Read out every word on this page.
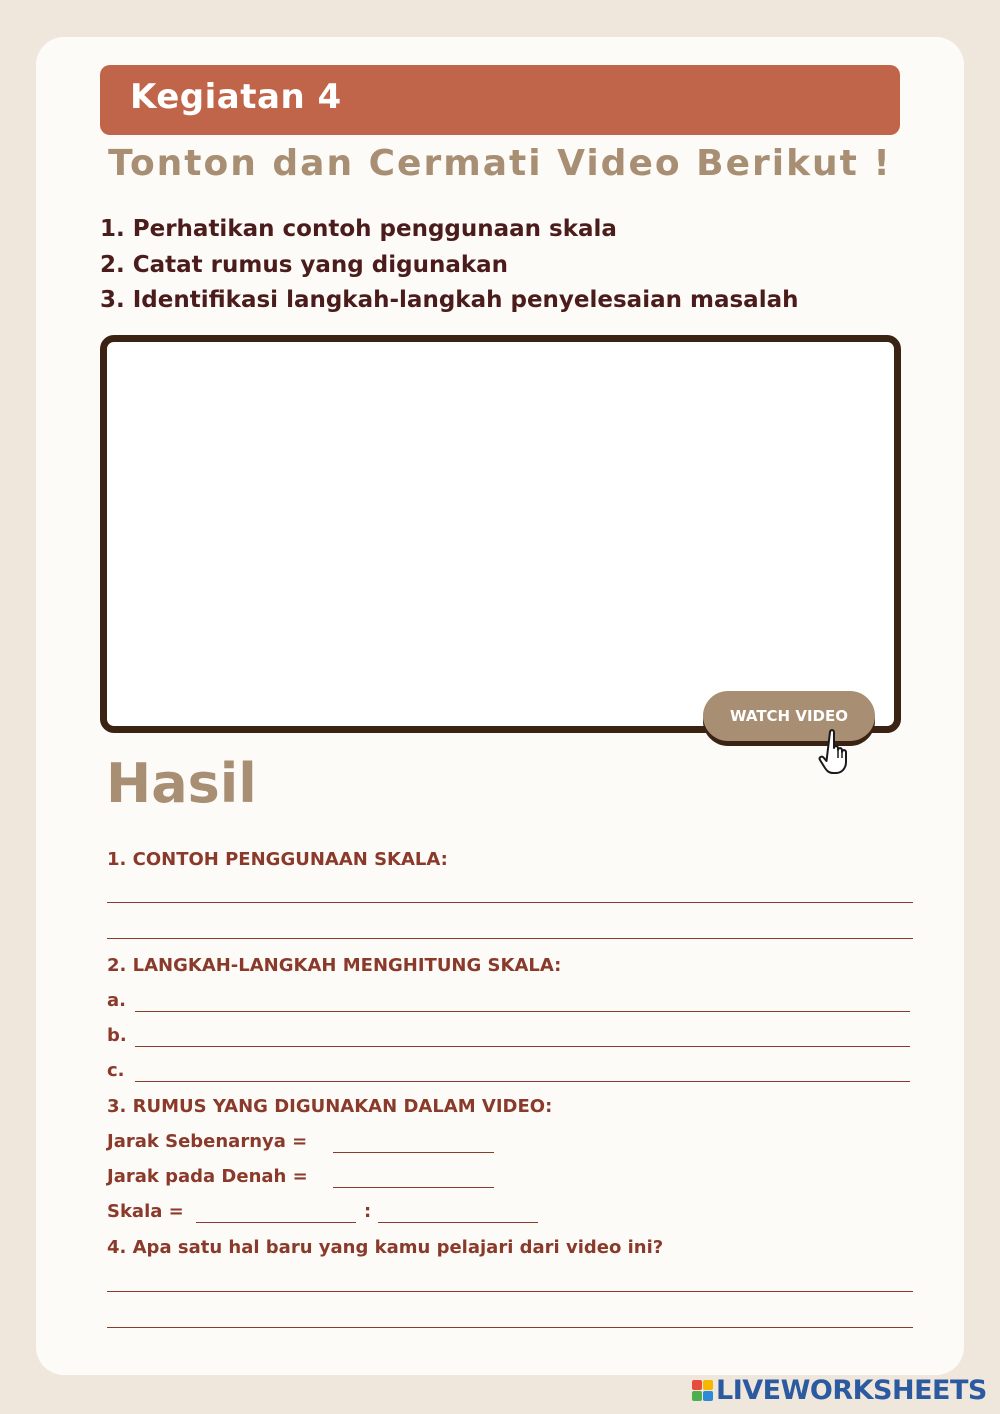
Kegiatan 4
Tonton dan Cermati Video Berikut !
1. Perhatikan contoh penggunaan skala
2. Catat rumus yang digunakan
3. Identifikasi langkah-langkah penyelesaian masalah
WATCH VIDEO
Hasil
1. CONTOH PENGGUNAAN SKALA:
2. LANGKAH-LANGKAH MENGHITUNG SKALA:
a.
b.
c.
3. RUMUS YANG DIGUNAKAN DALAM VIDEO:
Jarak Sebenarnya =
Jarak pada Denah =
Skala =	:
4. Apa satu hal baru yang kamu pelajari dari video ini?
LIVEWORKSHEETS
